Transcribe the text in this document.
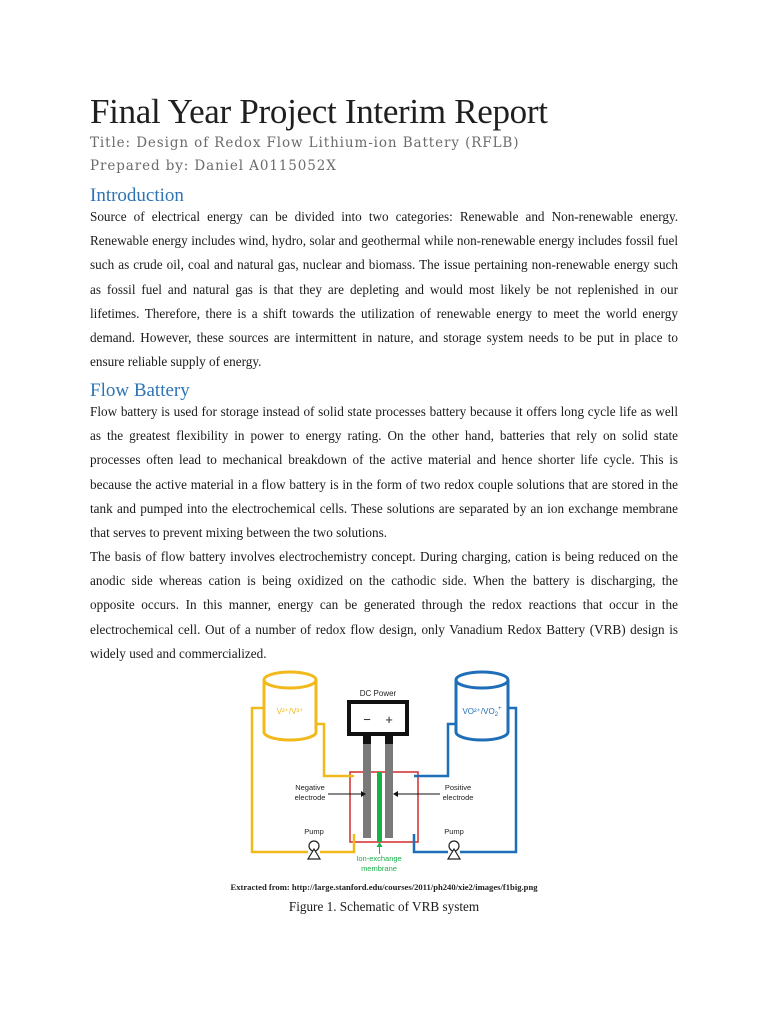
Final Year Project Interim Report

Title: Design of Redox Flow Lithium-ion Battery (RFLB)

Prepared by: Daniel A0115052X

Introduction

Source of electrical energy can be divided into two categories: Renewable and Non-renewable energy. Renewable energy includes wind, hydro, solar and geothermal while non-renewable energy includes fossil fuel such as crude oil, coal and natural gas, nuclear and biomass. The issue pertaining non-renewable energy such as fossil fuel and natural gas is that they are depleting and would most likely be not replenished in our lifetimes. Therefore, there is a shift towards the utilization of renewable energy to meet the world energy demand. However, these sources are intermittent in nature, and storage system needs to be put in place to ensure reliable supply of energy.

Flow Battery

Flow battery is used for storage instead of solid state processes battery because it offers long cycle life as well as the greatest flexibility in power to energy rating. On the other hand, batteries that rely on solid state processes often lead to mechanical breakdown of the active material and hence shorter life cycle. This is because the active material in a flow battery is in the form of two redox couple solutions that are stored in the tank and pumped into the electrochemical cells. These solutions are separated by an ion exchange membrane that serves to prevent mixing between the two solutions.

The basis of flow battery involves electrochemistry concept. During charging, cation is being reduced on the anodic side whereas cation is being oxidized on the cathodic side. When the battery is discharging, the opposite occurs. In this manner, energy can be generated through the redox reactions that occur in the electrochemical cell. Out of a number of redox flow design, only Vanadium Redox Battery (VRB) design is widely used and commercialized.

V²⁺/V³⁺	$VO^{2+}/VO_2^+$
DC Power
− +
Negative
electrode
Positive
electrode
Pump	Pump
Ion-exchange
membrane
Extracted from: http://large.stanford.edu/courses/2011/ph240/xie2/images/f1big.png
Figure 1. Schematic of VRB system
